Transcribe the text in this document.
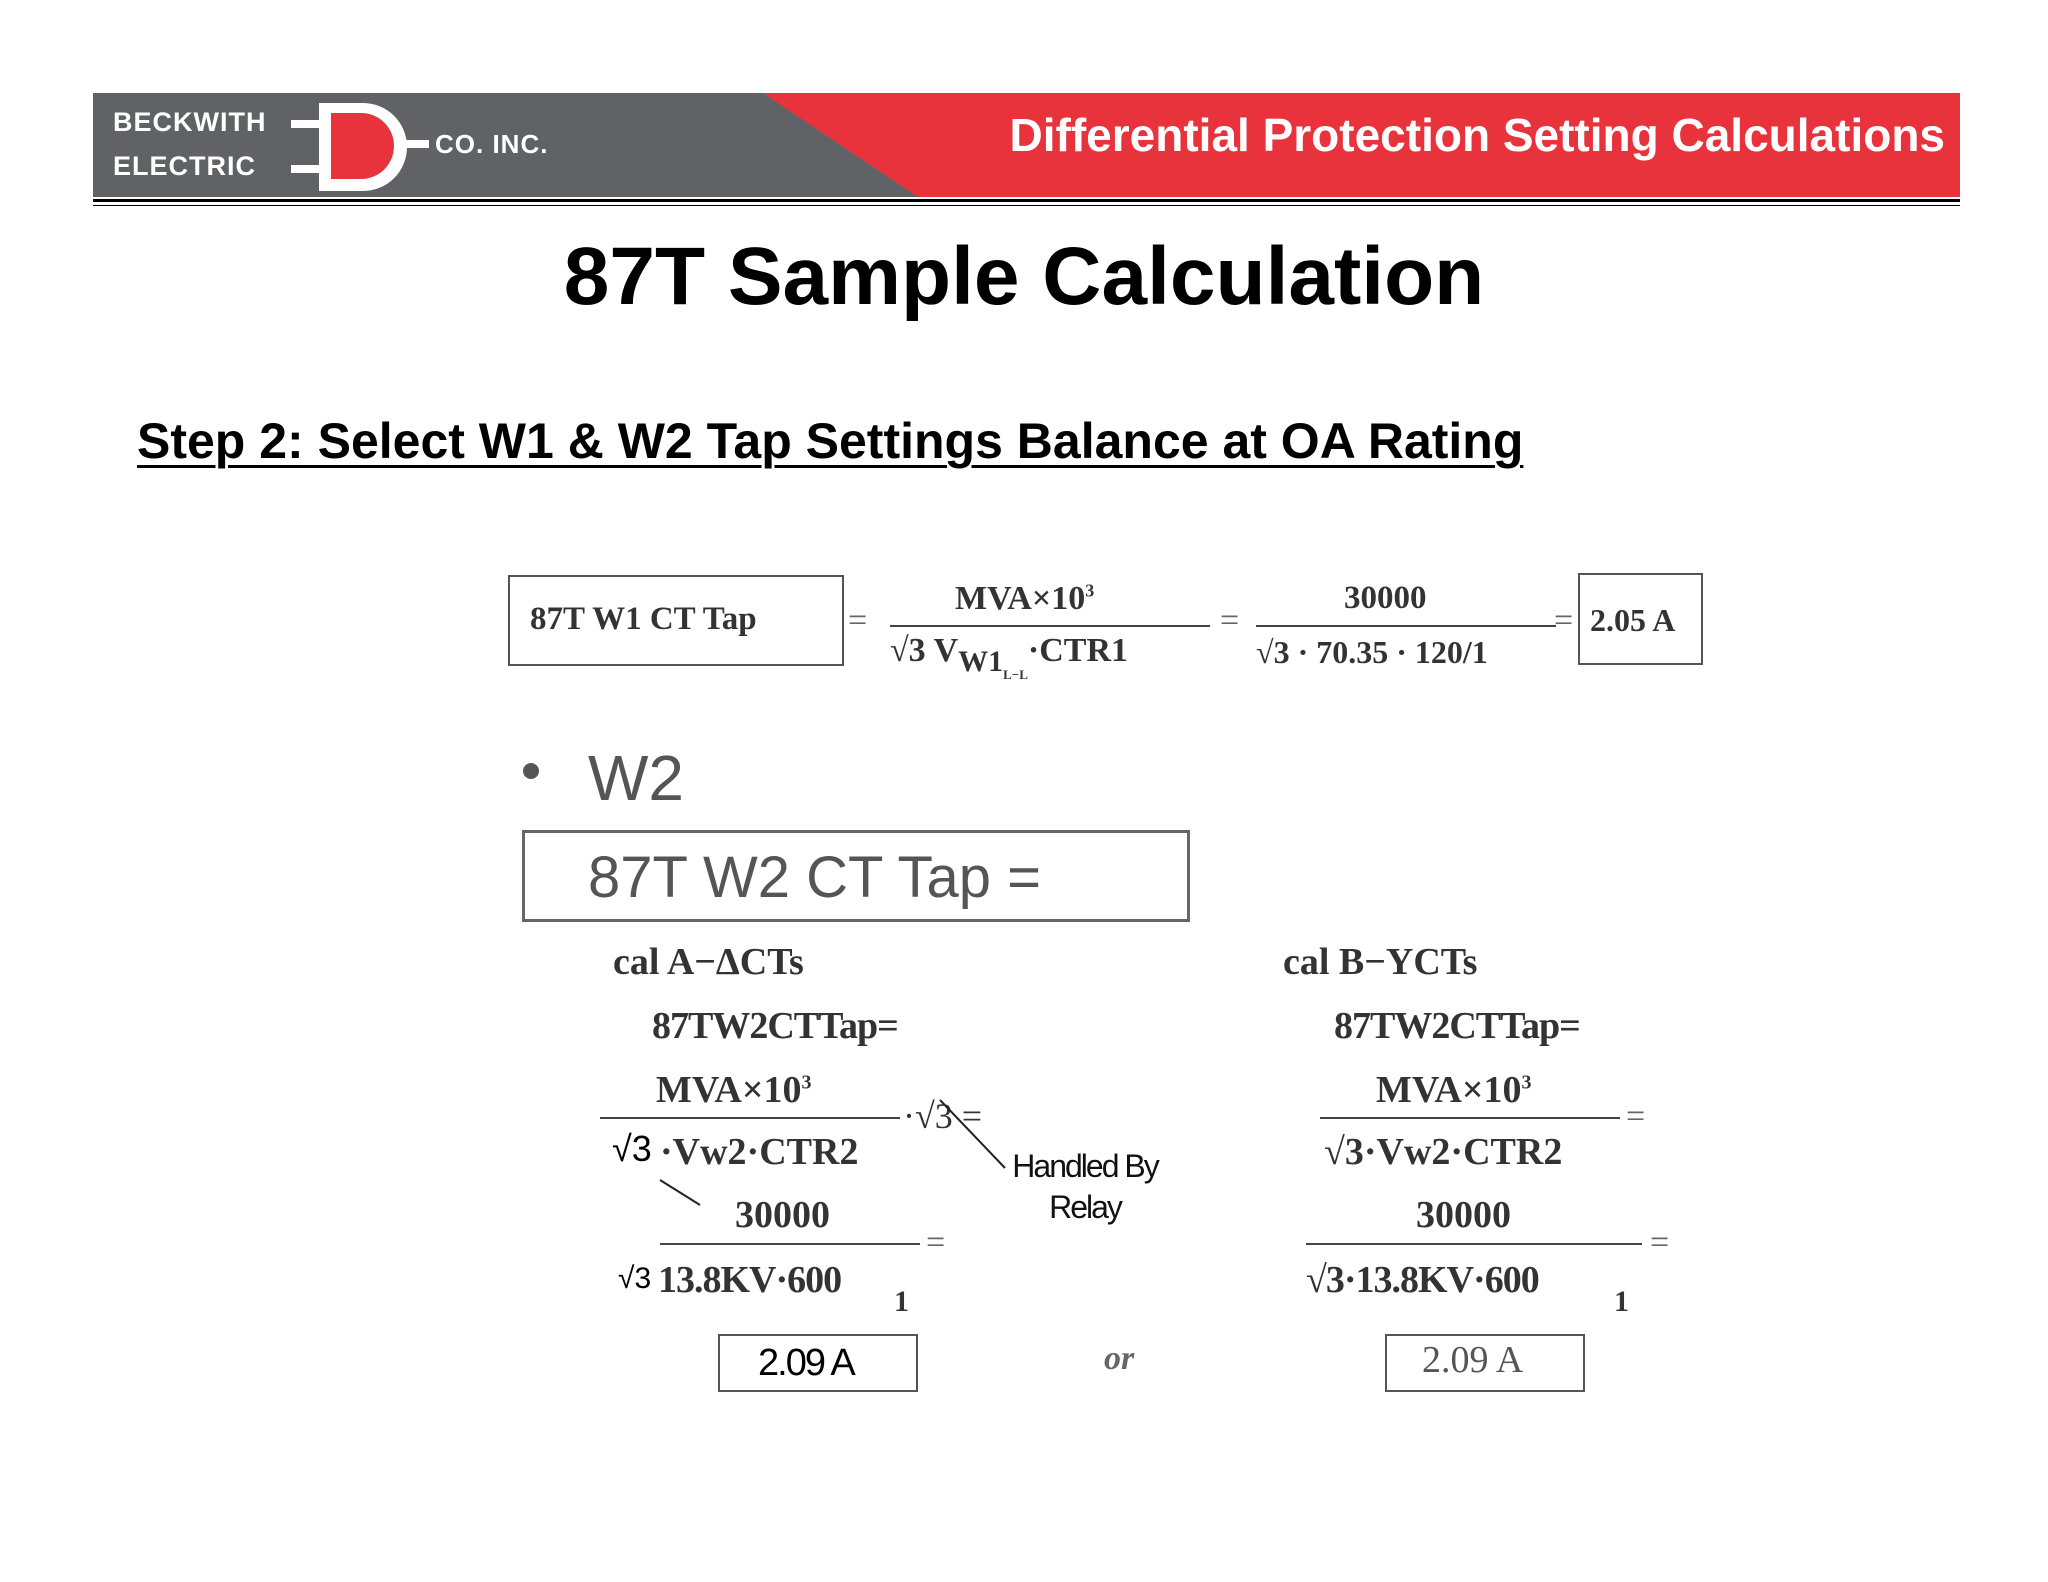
BECKWITH
ELECTRIC
CO. INC.	Differential Protection Setting Calculations
87T Sample Calculation
Step 2: Select W1 & W2 Tap Settings Balance at OA Rating
87T W1 CT Tap	=
$MVA\times 10^3$
√3 $VW1_{L-L}\cdot CTR1$
=
30000
√3 · 70.35 · 120/1
= 2.05 A
W2
87T W2 CT Tap =
cal A−ΔCTs
87TW2CTTap=
$MVA\times 10^3$
·√3 =
√3 ·Vw2·CTR2	Handled By
Relay
30000
=
√3 13.8KV·600
1
2.09 A	or
cal B−YCTs
87TW2CTTap=
$MVA\times 10^3$
=
√3·Vw2·CTR2
30000
=
√3·13.8KV·600
1
2.09 A
